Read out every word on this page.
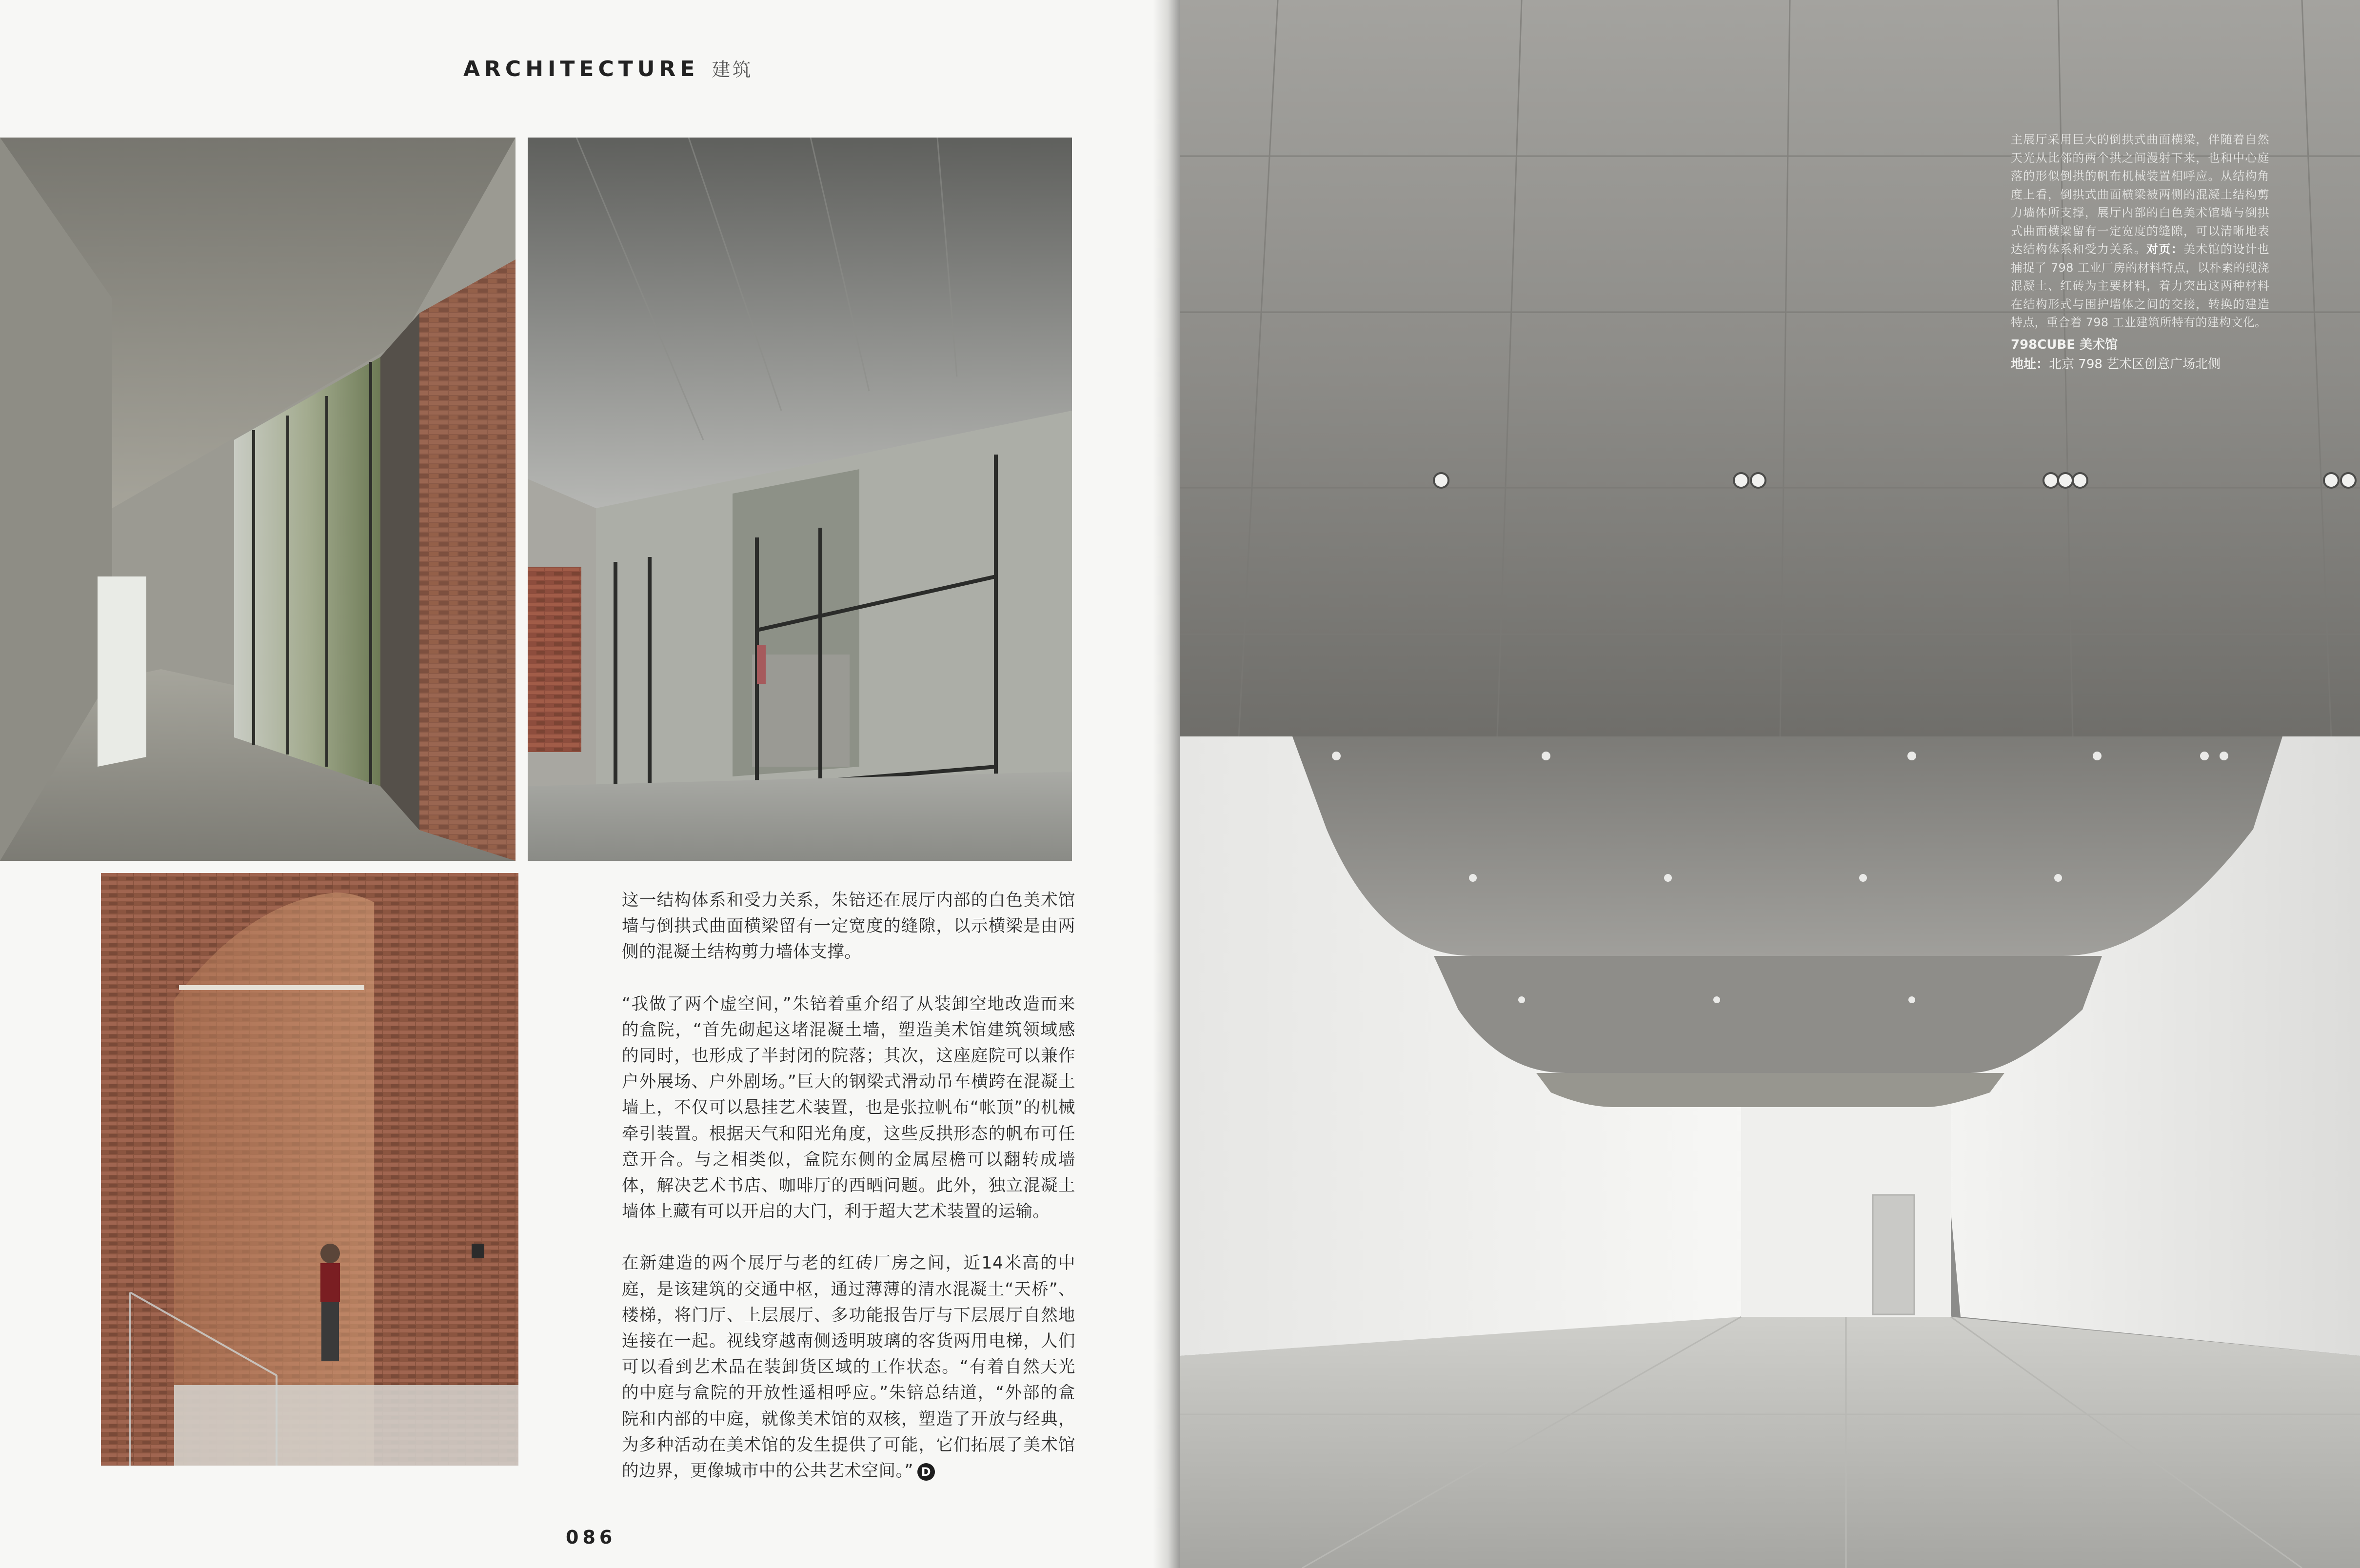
ARCHITECTURE 建筑

这一结构体系和受力关系，朱锫还在展厅内部的白色美术馆墙与倒拱式曲面横梁留有一定宽度的缝隙，以示横梁是由两侧的混凝土结构剪力墙体支撑。

“我做了两个虚空间，”朱锫着重介绍了从装卸空地改造而来的盒院，“首先砌起这堵混凝土墙，塑造美术馆建筑领域感的同时，也形成了半封闭的院落；其次，这座庭院可以兼作户外展场、户外剧场。”巨大的钢梁式滑动吊车横跨在混凝土墙上，不仅可以悬挂艺术装置，也是张拉帆布“帐顶”的机械牵引装置。根据天气和阳光角度，这些反拱形态的帆布可任意开合。与之相类似，盒院东侧的金属屋檐可以翻转成墙体，解决艺术书店、咖啡厅的西晒问题。此外，独立混凝土墙体上藏有可以开启的大门，利于超大艺术装置的运输。

在新建造的两个展厅与老的红砖厂房之间，近14米高的中庭，是该建筑的交通中枢，通过薄薄的清水混凝土“天桥”、楼梯，将门厅、上层展厅、多功能报告厅与下层展厅自然地连接在一起。视线穿越南侧透明玻璃的客货两用电梯，人们可以看到艺术品在装卸货区域的工作状态。“有着自然天光的中庭与盒院的开放性遥相呼应。”朱锫总结道，“外部的盒院和内部的中庭，就像美术馆的双核，塑造了开放与经典，为多种活动在美术馆的发生提供了可能，它们拓展了美术馆的边界，更像城市中的公共艺术空间。” D

086
主展厅采用巨大的倒拱式曲面横梁，伴随着自然天光从比邻的两个拱之间漫射下来，也和中心庭落的形似倒拱的帆布机械装置相呼应。从结构角度上看，倒拱式曲面横梁被两侧的混凝土结构剪力墙体所支撑，展厅内部的白色美术馆墙与倒拱式曲面横梁留有一定宽度的缝隙，可以清晰地表达结构体系和受力关系。对页：美术馆的设计也捕捉了 798 工业厂房的材料特点，以朴素的现浇混凝土、红砖为主要材料，着力突出这两种材料在结构形式与围护墙体之间的交接，转换的建造特点，重合着 798 工业建筑所特有的建构文化。
798CUBE 美术馆
地址：北京 798 艺术区创意广场北侧
